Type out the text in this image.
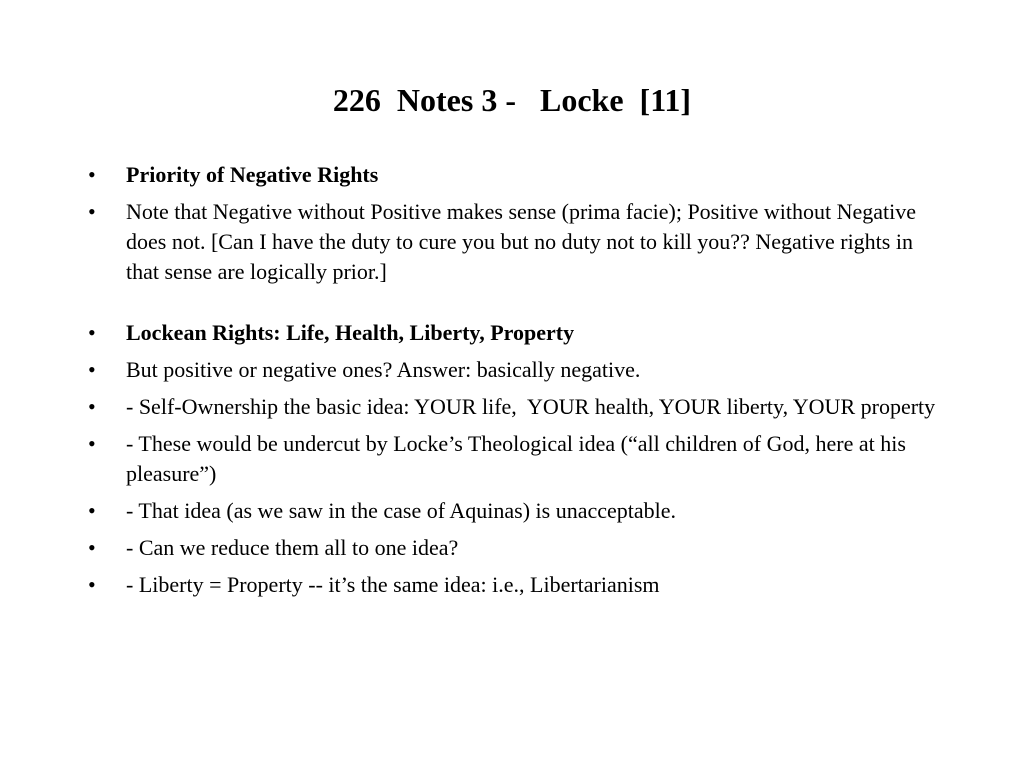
226  Notes 3 -   Locke  [11]
•	Priority of Negative Rights
•	Note that Negative without Positive makes sense (prima facie); Positive without Negative does not. [Can I have the duty to cure you but no duty not to kill you?? Negative rights in that sense are logically prior.]
•	Lockean Rights: Life, Health, Liberty, Property
•	But positive or negative ones? Answer: basically negative.
•	- Self-Ownership the basic idea: YOUR life,  YOUR health, YOUR liberty, YOUR property
•	- These would be undercut by Locke’s Theological idea (“all children of God, here at his pleasure”)
•	- That idea (as we saw in the case of Aquinas) is unacceptable.
•	- Can we reduce them all to one idea?
•	- Liberty = Property -- it’s the same idea: i.e., Libertarianism
